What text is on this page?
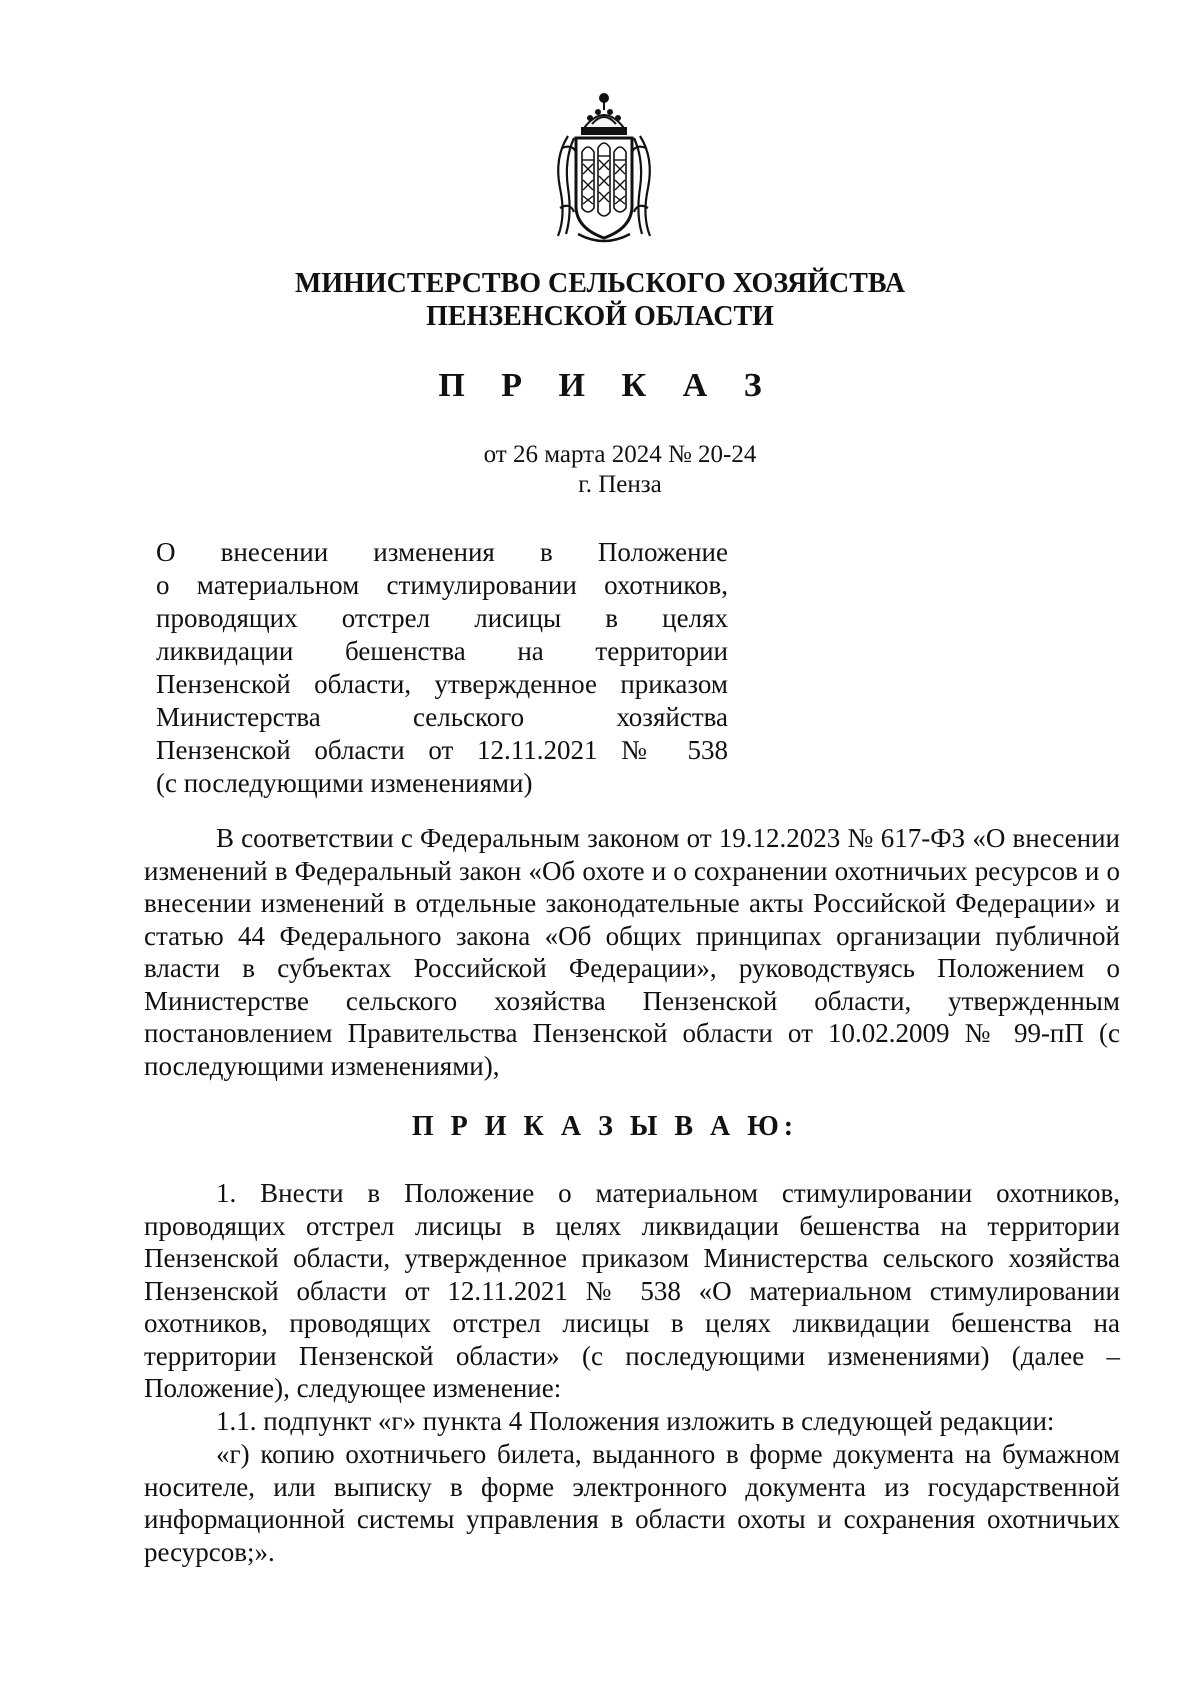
МИНИСТЕРСТВО СЕЛЬСКОГО ХОЗЯЙСТВА
ПЕНЗЕНСКОЙ ОБЛАСТИ
П Р И К А З
от 26 марта 2024 № 20-24
г. Пенза
О внесении изменения в Положение
о материальном стимулировании охотников,
проводящих отстрел лисицы в целях
ликвидации бешенства на территории
Пензенской области, утвержденное приказом
Министерства сельского хозяйства
Пензенской области от 12.11.2021 № 538
(с последующими изменениями)
В соответствии с Федеральным законом от 19.12.2023 № 617-ФЗ «О внесении изменений в Федеральный закон «Об охоте и о сохранении охотничьих ресурсов и о внесении изменений в отдельные законодательные акты Российской Федерации» и статью 44 Федерального закона «Об общих принципах организации публичной власти в субъектах Российской Федерации», руководствуясь Положением о Министерстве сельского хозяйства Пензенской области, утвержденным постановлением Правительства Пензенской области от 10.02.2009 № 99-пП (с последующими изменениями),
П Р И К А З Ы В А Ю:
1. Внести в Положение о материальном стимулировании охотников, проводящих отстрел лисицы в целях ликвидации бешенства на территории Пензенской области, утвержденное приказом Министерства сельского хозяйства Пензенской области от 12.11.2021 № 538 «О материальном стимулировании охотников, проводящих отстрел лисицы в целях ликвидации бешенства на территории Пензенской области» (с последующими изменениями) (далее – Положение), следующее изменение:
1.1. подпункт «г» пункта 4 Положения изложить в следующей редакции:
«г) копию охотничьего билета, выданного в форме документа на бумажном носителе, или выписку в форме электронного документа из государственной информационной системы управления в области охоты и сохранения охотничьих ресурсов;».
